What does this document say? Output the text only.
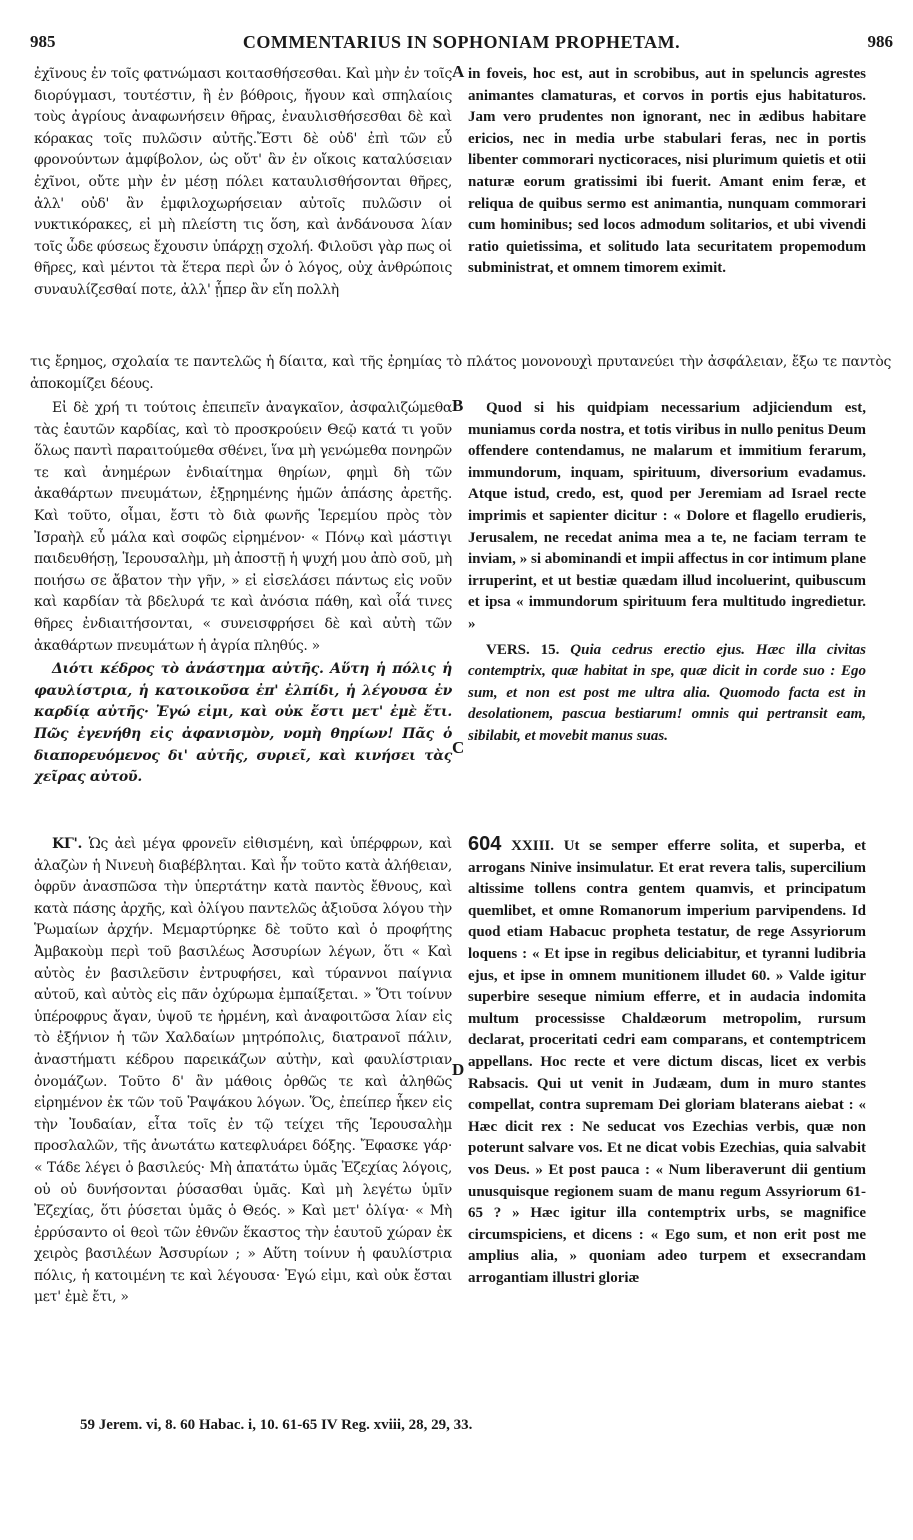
985	COMMENTARIUS IN SOPHONIAM PROPHETAM.	986

ἐχῖνους ἐν τοῖς φατνώμασι κοιτασθήσεσθαι. Καὶ μὴν ἐν τοῖς διορύγμασι, τουτέστιν, ἢ ἐν βόθροις, ἤγουν καὶ σπηλαίοις τοὺς ἀγρίους ἀναφωνήσειν θῆρας, ἐναυλισθήσεσθαι δὲ καὶ κόρακας τοῖς πυλῶσιν αὐτῆς.Ἔστι δὲ οὐδ' ἐπὶ τῶν εὖ φρονούντων ἀμφίβολον, ὡς οὔτ' ἂν ἐν οἴκοις καταλύσειαν ἐχῖνοι, οὔτε μὴν ἐν μέσῃ πόλει καταυλισθήσονται θῆρες, ἀλλ' οὐδ' ἂν ἐμφιλοχωρήσειαν αὐτοῖς πυλῶσιν οἱ νυκτικόρακες, εἰ μὴ πλείστη τις ὅση, καὶ ἀνδάνουσα λίαν τοῖς ὧδε φύσεως ἔχουσιν ὑπάρχῃ σχολή. Φιλοῦσι γὰρ πως οἱ θῆρες, καὶ μέντοι τὰ ἕτερα περὶ ὧν ὁ λόγος, οὐχ ἀνθρώποις συναυλίζεσθαί ποτε, ἀλλ' ᾗπερ ἂν εἴη πολλὴ

A in foveis, hoc est, aut in scrobibus, aut in speluncis agrestes animantes clamaturas, et corvos in portis ejus habitaturos. Jam vero prudentes non ignorant, nec in ædibus habitare ericios, nec in media urbe stabulari feras, nec in portis libenter commorari nycticoraces, nisi plurimum quietis et otii naturæ eorum gratissimi ibi fuerit. Amant enim feræ, et reliqua de quibus sermo est animantia, nunquam commorari cum hominibus; sed locos admodum solitarios, et ubi vivendi ratio quietissima, et solitudo lata securitatem propemodum subministrat, et omnem timorem eximit.

τις ἔρημος, σχολαία τε παντελῶς ἡ δίαιτα, καὶ τῆς ἐρημίας τὸ πλάτος μονονουχὶ πρυτανεύει τὴν ἀσφάλειαν, ἔξω τε παντὸς ἀποκομίζει δέους.

Εἰ δὲ χρή τι τούτοις ἐπειπεῖν ἀναγκαῖον, ἀσφαλιζώμεθα τὰς ἑαυτῶν καρδίας, καὶ τὸ προσκρούειν Θεῷ κατά τι γοῦν ὅλως παντὶ παραιτούμεθα σθένει, ἵνα μὴ γενώμεθα πονηρῶν τε καὶ ἀνημέρων ἐνδιαίτημα θηρίων, φημὶ δὴ τῶν ἀκαθάρτων πνευμάτων, ἐξῃρημένης ἡμῶν ἁπάσης ἀρετῆς. Καὶ τοῦτο, οἶμαι, ἔστι τὸ διὰ φωνῆς Ἱερεμίου πρὸς τὸν Ἰσραὴλ εὖ μάλα καὶ σοφῶς εἰρημένον· « Πόνῳ καὶ μάστιγι παιδευθήσῃ, Ἱερουσαλὴμ, μὴ ἀποστῇ ἡ ψυχή μου ἀπὸ σοῦ, μὴ ποιήσω σε ἄβατον τὴν γῆν, » εἰ εἰσελάσει πάντως εἰς νοῦν καὶ καρδίαν τὰ βδελυρά τε καὶ ἀνόσια πάθη, καὶ οἷά τινες θῆρες ἐνδιαιτήσονται, « συνεισφρήσει δὲ καὶ αὐτὴ τῶν ἀκαθάρτων πνευμάτων ἡ ἀγρία πληθύς. »

Διότι κέδρος τὸ ἀνάστημα αὐτῆς. Αὕτη ἡ πόλις ἡ φαυλίστρια, ἡ κατοικοῦσα ἐπ' ἐλπίδι, ἡ λέγουσα ἐν καρδίᾳ αὐτῆς· Ἐγώ εἰμι, καὶ οὐκ ἔστι μετ' ἐμὲ ἔτι. Πῶς ἐγενήθη εἰς ἀφανισμὸν, νομὴ θηρίων! Πᾶς ὁ διαπορευόμενος δι' αὐτῆς, συριεῖ, καὶ κινήσει τὰς χεῖρας αὐτοῦ.

B	Quod si his quidpiam necessarium adjiciendum est, muniamus corda nostra, et totis viribus in nullo penitus Deum offendere contendamus, ne malarum et immitium ferarum, immundorum, inquam, spirituum, diversorium evadamus. Atque istud, credo, est, quod per Jeremiam ad Israel recte imprimis et sapienter dicitur : « Dolore et flagello erudieris, Jerusalem, ne recedat anima mea a te, ne faciam terram te inviam, » si abominandi et impii affectus in cor intimum plane irruperint, et ut bestiæ quædam illud incoluerint, quibuscum et ipsa « immundorum spirituum fera multitudo ingredietur. »

VERS. 15. Quia cedrus erectio ejus. Hæc illa civitas contemptrix, quæ habitat in spe, quæ dicit in corde suo : Ego sum, et non est post me ultra alia. Quomodo facta est in desolationem, pascua bestiarum! omnis qui pertransit eam, sibilabit, et movebit manus suas.

C

ΚΓ'. Ὡς ἀεὶ μέγα φρονεῖν εἰθισμένη, καὶ ὑπέρφρων, καὶ ἀλαζὼν ἡ Νινευὴ διαβέβληται. Καὶ ἦν τοῦτο κατὰ ἀλήθειαν, ὀφρῦν ἀνασπῶσα τὴν ὑπερτάτην κατὰ παντὸς ἔθνους, καὶ κατὰ πάσης ἀρχῆς, καὶ ὀλίγου παντελῶς ἀξιοῦσα λόγου τὴν Ῥωμαίων ἀρχήν. Μεμαρτύρηκε δὲ τοῦτο καὶ ὁ προφήτης Ἀμβακοὺμ περὶ τοῦ βασιλέως Ἀσσυρίων λέγων, ὅτι « Καὶ αὐτὸς ἐν βασιλεῦσιν ἐντρυφήσει, καὶ τύραννοι παίγνια αὐτοῦ, καὶ αὐτὸς εἰς πᾶν ὀχύρωμα ἐμπαίξεται. » Ὅτι τοίνυν ὑπέροφρυς ἄγαν, ὑψοῦ τε ἠρμένη, καὶ ἀναφοιτῶσα λίαν εἰς τὸ ἐξήνιον ἡ τῶν Χαλδαίων μητρόπολις, διατρανοῖ πάλιν, ἀναστήματι κέδρου παρεικάζων αὐτὴν, καὶ φαυλίστριαν ὀνομάζων. Τοῦτο δ' ἂν μάθοις ὀρθῶς τε καὶ ἀληθῶς εἰρημένον ἐκ τῶν τοῦ Ῥαψάκου λόγων. Ὅς, ἐπείπερ ἧκεν εἰς τὴν Ἰουδαίαν, εἶτα τοῖς ἐν τῷ τείχει τῆς Ἱερουσαλὴμ προσλαλῶν, τῆς ἀνωτάτω κατεφλυάρει δόξης. Ἔφασκε γάρ· « Τάδε λέγει ὁ βασιλεύς· Μὴ ἀπατάτω ὑμᾶς Ἐζεχίας λόγοις, οὐ οὐ δυνήσονται ῥύσασθαι ὑμᾶς. Καὶ μὴ λεγέτω ὑμῖν Ἐζεχίας, ὅτι ῥύσεται ὑμᾶς ὁ Θεός. » Καὶ μετ' ὀλίγα· « Μὴ ἐρρύσαντο οἱ θεοὶ τῶν ἐθνῶν ἕκαστος τὴν ἑαυτοῦ χώραν ἐκ χειρὸς βασιλέων Ἀσσυρίων ; » Αὕτη τοίνυν ἡ φαυλίστρια πόλις, ἡ κατοιμένη τε καὶ λέγουσα· Ἐγώ εἰμι, καὶ οὐκ ἔσται μετ' ἐμὲ ἔτι, »

D

604 XXIII. Ut se semper efferre solita, et superba, et arrogans Ninive insimulatur. Et erat revera talis, supercilium altissime tollens contra gentem quamvis, et principatum quemlibet, et omne Romanorum imperium parvipendens. Id quod etiam Habacuc propheta testatur, de rege Assyriorum loquens : « Et ipse in regibus deliciabitur, et tyranni ludibria ejus, et ipse in omnem munitionem illudet 60. » Valde igitur superbire seseque nimium efferre, et in audacia indomita multum processisse Chaldæorum metropolim, rursum declarat, proceritati cedri eam comparans, et contemptricem appellans. Hoc recte et vere dictum discas, licet ex verbis Rabsacis. Qui ut venit in Judæam, dum in muro stantes compellat, contra supremam Dei gloriam blaterans aiebat : « Hæc dicit rex : Ne seducat vos Ezechias verbis, quæ non poterunt salvare vos. Et ne dicat vobis Ezechias, quia salvabit vos Deus. » Et post pauca : « Num liberaverunt dii gentium unusquisque regionem suam de manu regum Assyriorum 61-65 ? » Hæc igitur illa contemptrix urbs, se magnifice circumspiciens, et dicens : « Ego sum, et non erit post me amplius alia, » quoniam adeo turpem et exsecrandam arrogantiam illustri gloriæ

59 Jerem. vi, 8. 60 Habac. i, 10. 61-65 IV Reg. xviii, 28, 29, 33.
